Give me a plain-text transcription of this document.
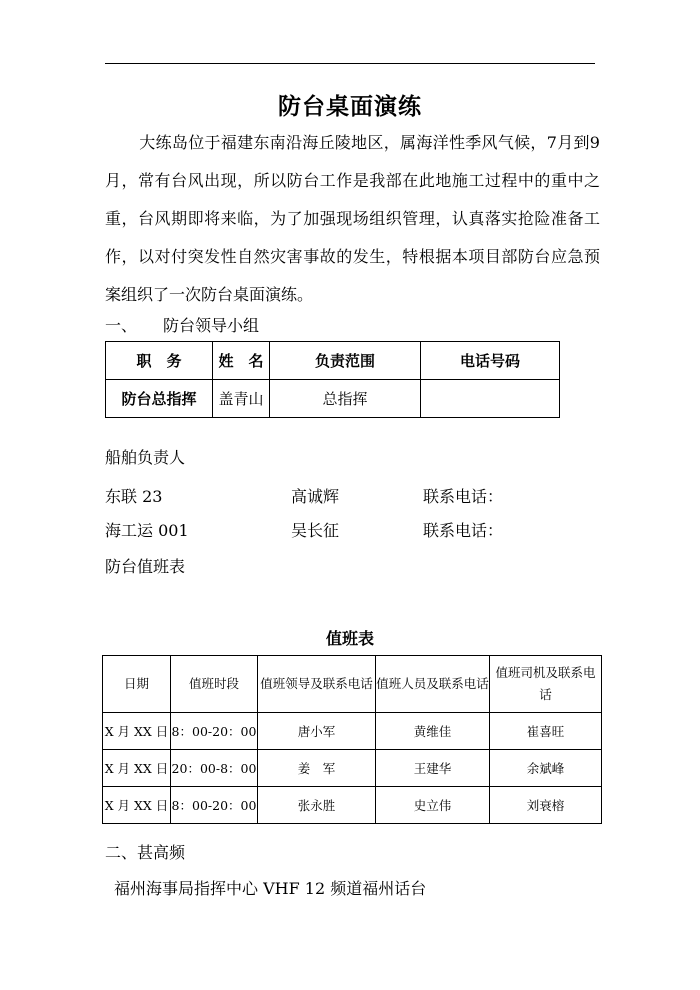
防台桌面演练
大练岛位于福建东南沿海丘陵地区，属海洋性季风气候，7月到9月，常有台风出现，所以防台工作是我部在此地施工过程中的重中之重，台风期即将来临，为了加强现场组织管理，认真落实抢险准备工作，以对付突发性自然灾害事故的发生，特根据本项目部防台应急预案组织了一次防台桌面演练。
一、 防台领导小组
职　务	姓　名	负责范围	电话号码
防台总指挥	盖青山	总指挥	
船舶负责人
东联 23	高诚辉	联系电话：
海工运 001	吴长征	联系电话：
防台值班表
值班表
日期	值班时段	值班领导及联系电话	值班人员及联系电话	值班司机及联系电话
X 月 XX 日	8：00-20：00	唐小军	黄维佳	崔喜旺
X 月 XX 日	20：00-8：00	姜　军	王建华	余斌峰
X 月 XX 日	8：00-20：00	张永胜	史立伟	刘衰榕
二、甚高频
福州海事局指挥中心 VHF 12 频道福州话台
